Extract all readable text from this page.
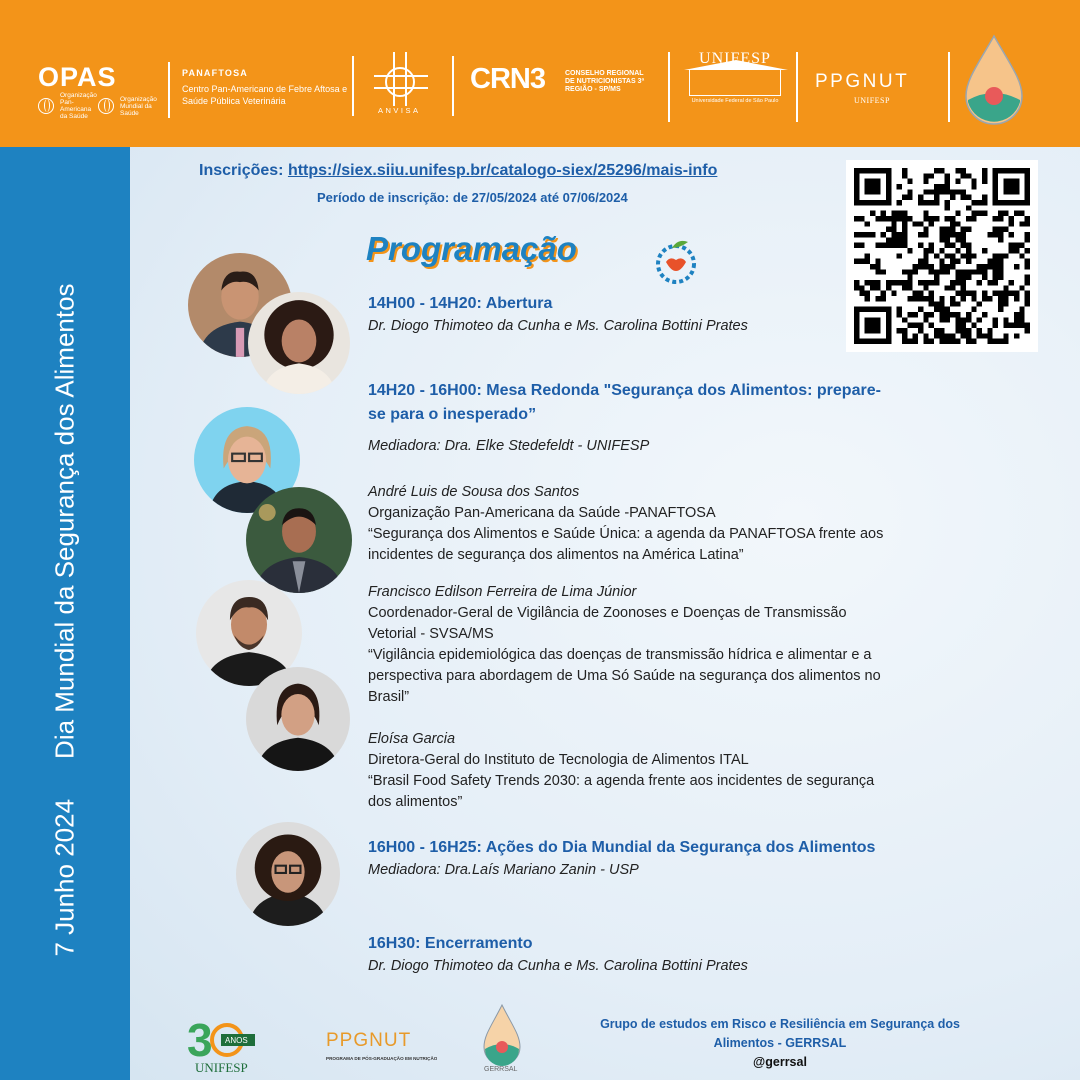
OPAS
Organização Pan-Americana da Saúde
Organização Mundial da Saúde
PANAFTOSA
Centro Pan-Americano de Febre Aftosa e Saúde Pública Veterinária
ANVISA
CRN3	CONSELHO REGIONAL DE NUTRICIONISTAS 3ª REGIÃO - SP/MS
UNIFESP
Universidade Federal de São Paulo
PPGNUT
UNIFESP
7 Junho 2024Dia Mundial da Segurança dos Alimentos
Inscrições: https://siex.siiu.unifesp.br/catalogo-siex/25296/mais-info
Período de inscrição: de 27/05/2024 até 07/06/2024
Programação
14H00 - 14H20: Abertura
Dr. Diogo Thimoteo da Cunha e Ms. Carolina Bottini Prates
14H20 - 16H00: Mesa Redonda "Segurança dos Alimentos: prepare-se para o inesperado”
Mediadora: Dra. Elke Stedefeldt - UNIFESP
André Luis de Sousa dos Santos
Organização Pan-Americana da Saúde -PANAFTOSA
“Segurança dos Alimentos e Saúde Única: a agenda da PANAFTOSA frente aos incidentes de segurança dos alimentos na América Latina”
Francisco Edilson Ferreira de Lima Júnior
Coordenador-Geral de Vigilância de Zoonoses e Doenças de Transmissão Vetorial - SVSA/MS
“Vigilância epidemiológica das doenças de transmissão hídrica e alimentar e a perspectiva para abordagem de Uma Só Saúde na segurança dos alimentos no Brasil”
Eloísa Garcia
Diretora-Geral do Instituto de Tecnologia de Alimentos ITAL
“Brasil Food Safety Trends 2030: a agenda frente aos incidentes de segurança dos alimentos”
16H00 - 16H25: Ações do Dia Mundial da Segurança dos Alimentos
Mediadora: Dra.Laís Mariano Zanin - USP
16H30: Encerramento
Dr. Diogo Thimoteo da Cunha e Ms. Carolina Bottini Prates
3 ANOS
UNIFESP
PPGNUT
PROGRAMA DE PÓS-GRADUAÇÃO EM NUTRIÇÃO
GERRSAL
Grupo de estudos em Risco e Resiliência em Segurança dos Alimentos - GERRSAL
@gerrsal
